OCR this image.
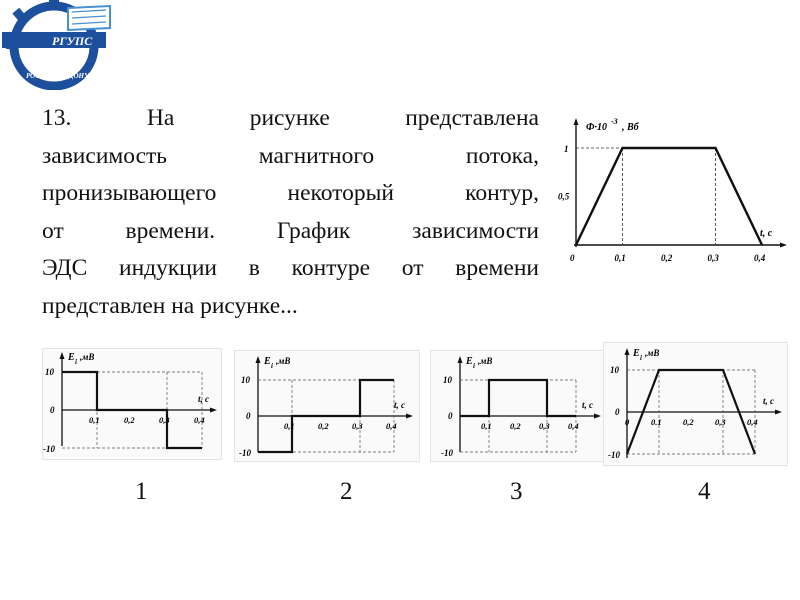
РГУПС
РОСТОВ-НА-ДОНУ

13. На рисунке представлена
зависимость магнитного потока,
пронизывающего некоторый контур,
от времени. График зависимости
ЭДС индукции в контуре от времени
представлен на рисунке...

Ф·10
-3
, Вб
t, c
1
0,5
0	0,1	0,2	0,3	0,4
E i ,мВ
t, c
10
0
-10
0,1	0,2	0,3	0,4
E i ,мВ
t, c
10
0
-10
0,1	0,2	0,3	0,4
E i ,мВ
t, c
10
0
-10
0,1 0,2 0,3 0,4
E i ,мВ
t, c
10
0
-10
0	0.1	0,2	0,3	0,4
1	2	3	4
